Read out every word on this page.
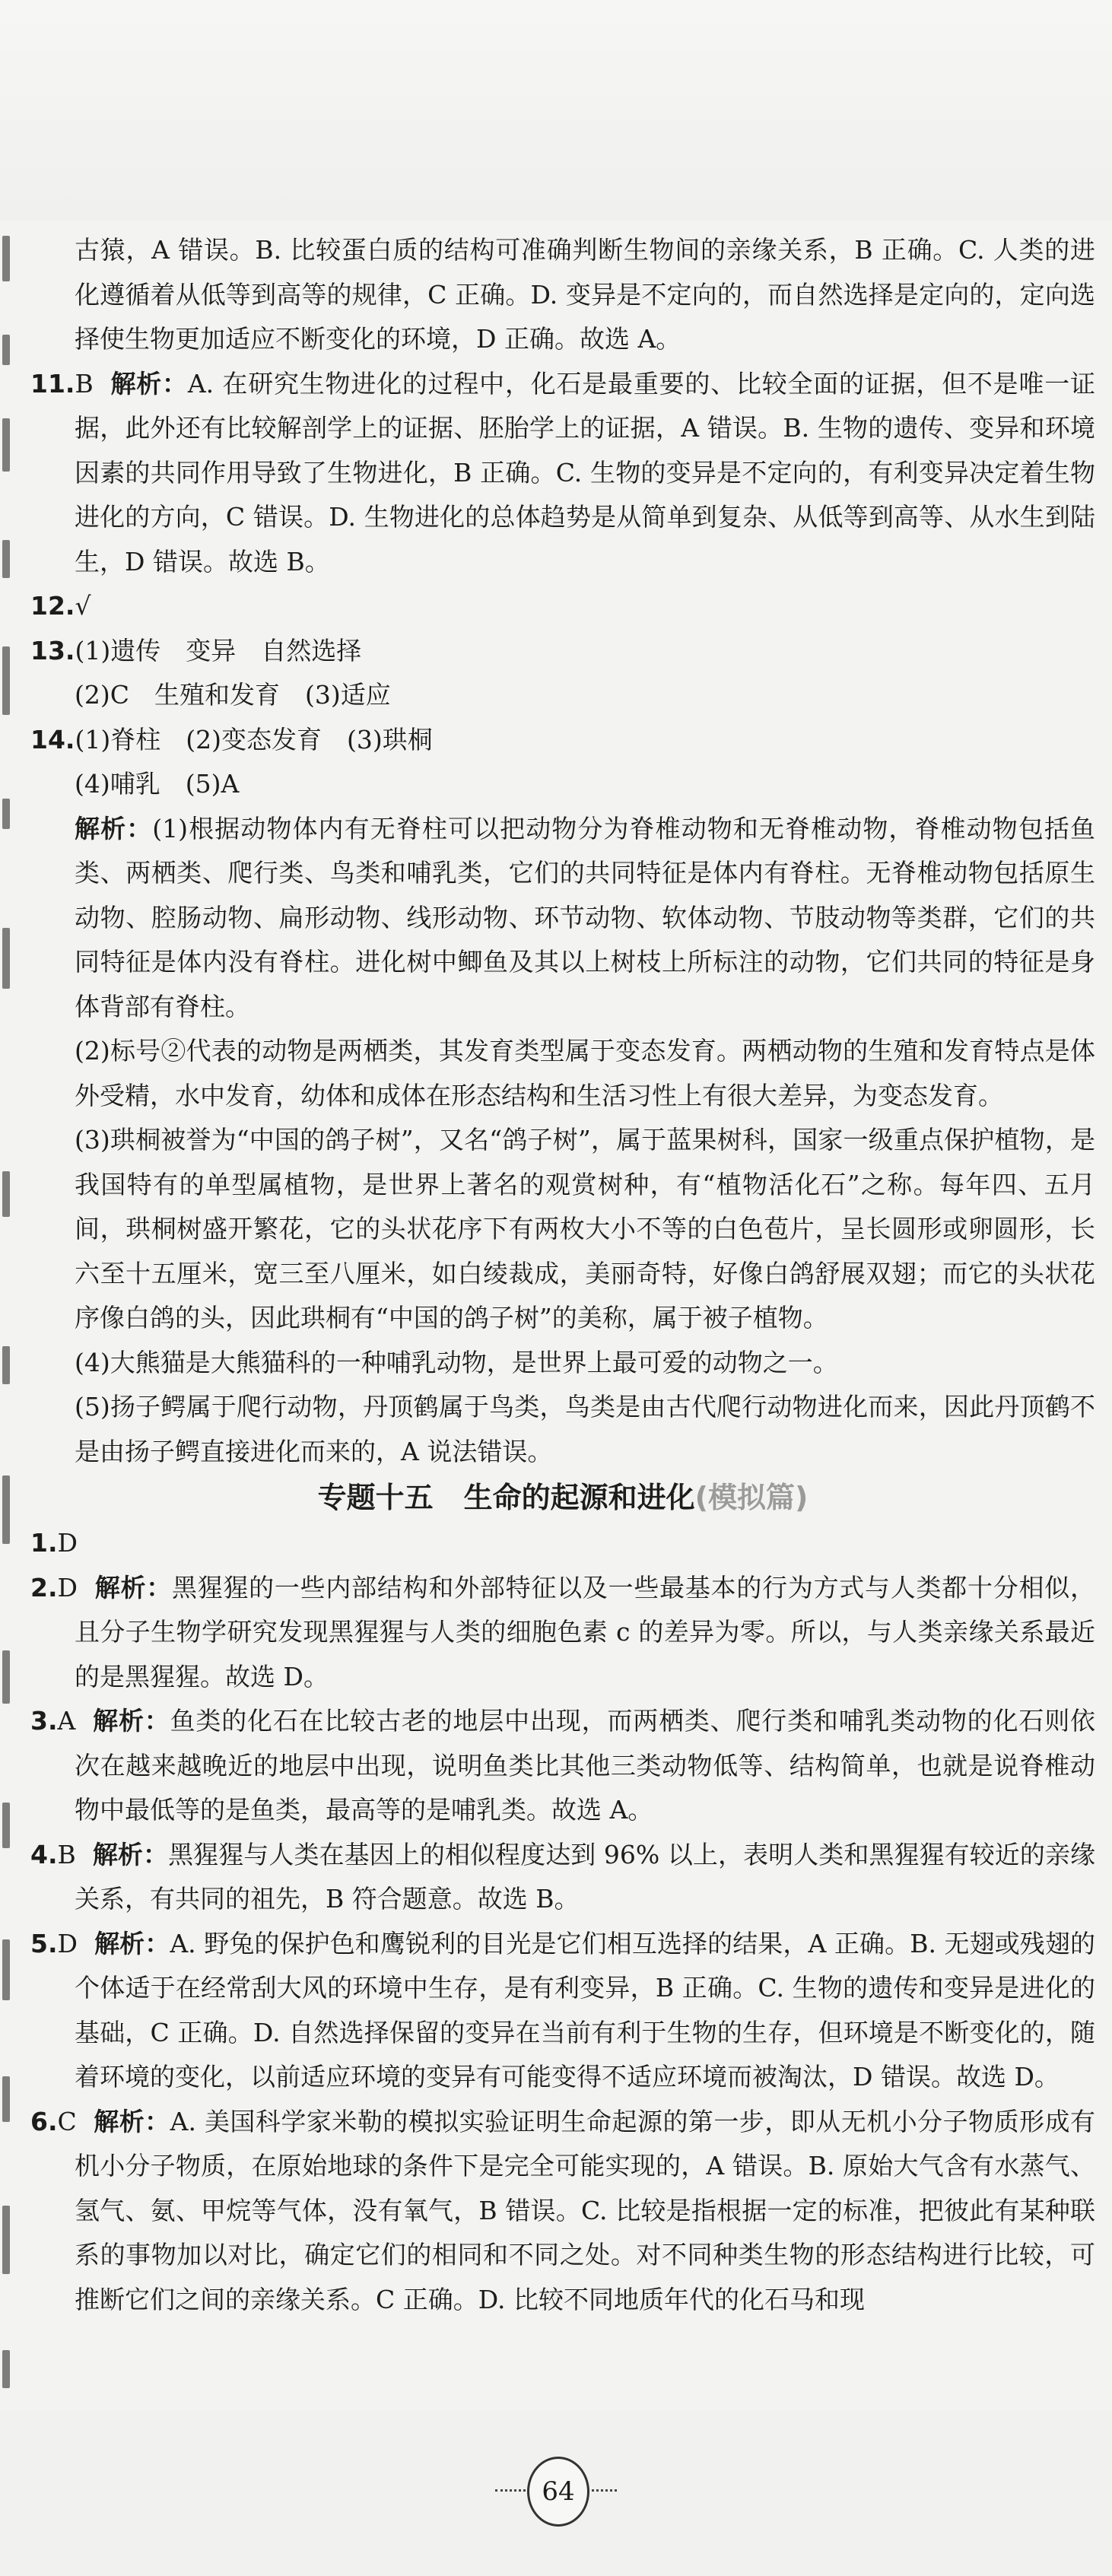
古猿，A 错误。B. 比较蛋白质的结构可准确判断生物间的亲缘关系，B 正确。C. 人类的进化遵循着从低等到高等的规律，C 正确。D. 变异是不定向的，而自然选择是定向的，定向选择使生物更加适应不断变化的环境，D 正确。故选 A。

11.B 解析：A. 在研究生物进化的过程中，化石是最重要的、比较全面的证据，但不是唯一证据，此外还有比较解剖学上的证据、胚胎学上的证据，A 错误。B. 生物的遗传、变异和环境因素的共同作用导致了生物进化，B 正确。C. 生物的变异是不定向的，有利变异决定着生物进化的方向，C 错误。D. 生物进化的总体趋势是从简单到复杂、从低等到高等、从水生到陆生，D 错误。故选 B。

12.√

13.(1)遗传　变异　自然选择

(2)C　生殖和发育　(3)适应

14.(1)脊柱　(2)变态发育　(3)珙桐

(4)哺乳　(5)A

解析：(1)根据动物体内有无脊柱可以把动物分为脊椎动物和无脊椎动物，脊椎动物包括鱼类、两栖类、爬行类、鸟类和哺乳类，它们的共同特征是体内有脊柱。无脊椎动物包括原生动物、腔肠动物、扁形动物、线形动物、环节动物、软体动物、节肢动物等类群，它们的共同特征是体内没有脊柱。进化树中鲫鱼及其以上树枝上所标注的动物，它们共同的特征是身体背部有脊柱。

(2)标号②代表的动物是两栖类，其发育类型属于变态发育。两栖动物的生殖和发育特点是体外受精，水中发育，幼体和成体在形态结构和生活习性上有很大差异，为变态发育。

(3)珙桐被誉为“中国的鸽子树”，又名“鸽子树”，属于蓝果树科，国家一级重点保护植物，是我国特有的单型属植物，是世界上著名的观赏树种，有“植物活化石”之称。每年四、五月间，珙桐树盛开繁花，它的头状花序下有两枚大小不等的白色苞片，呈长圆形或卵圆形，长六至十五厘米，宽三至八厘米，如白绫裁成，美丽奇特，好像白鸽舒展双翅；而它的头状花序像白鸽的头，因此珙桐有“中国的鸽子树”的美称，属于被子植物。

(4)大熊猫是大熊猫科的一种哺乳动物，是世界上最可爱的动物之一。

(5)扬子鳄属于爬行动物，丹顶鹤属于鸟类，鸟类是由古代爬行动物进化而来，因此丹顶鹤不是由扬子鳄直接进化而来的，A 说法错误。

专题十五 生命的起源和进化(模拟篇)

1.D

2.D 解析：黑猩猩的一些内部结构和外部特征以及一些最基本的行为方式与人类都十分相似，且分子生物学研究发现黑猩猩与人类的细胞色素 c 的差异为零。所以，与人类亲缘关系最近的是黑猩猩。故选 D。

3.A 解析：鱼类的化石在比较古老的地层中出现，而两栖类、爬行类和哺乳类动物的化石则依次在越来越晚近的地层中出现，说明鱼类比其他三类动物低等、结构简单，也就是说脊椎动物中最低等的是鱼类，最高等的是哺乳类。故选 A。

4.B 解析：黑猩猩与人类在基因上的相似程度达到 96% 以上，表明人类和黑猩猩有较近的亲缘关系，有共同的祖先，B 符合题意。故选 B。

5.D 解析：A. 野兔的保护色和鹰锐利的目光是它们相互选择的结果，A 正确。B. 无翅或残翅的个体适于在经常刮大风的环境中生存，是有利变异，B 正确。C. 生物的遗传和变异是进化的基础，C 正确。D. 自然选择保留的变异在当前有利于生物的生存，但环境是不断变化的，随着环境的变化，以前适应环境的变异有可能变得不适应环境而被淘汰，D 错误。故选 D。

6.C 解析：A. 美国科学家米勒的模拟实验证明生命起源的第一步，即从无机小分子物质形成有机小分子物质，在原始地球的条件下是完全可能实现的，A 错误。B. 原始大气含有水蒸气、氢气、氨、甲烷等气体，没有氧气，B 错误。C. 比较是指根据一定的标准，把彼此有某种联系的事物加以对比，确定它们的相同和不同之处。对不同种类生物的形态结构进行比较，可推断它们之间的亲缘关系。C 正确。D. 比较不同地质年代的化石马和现

64
